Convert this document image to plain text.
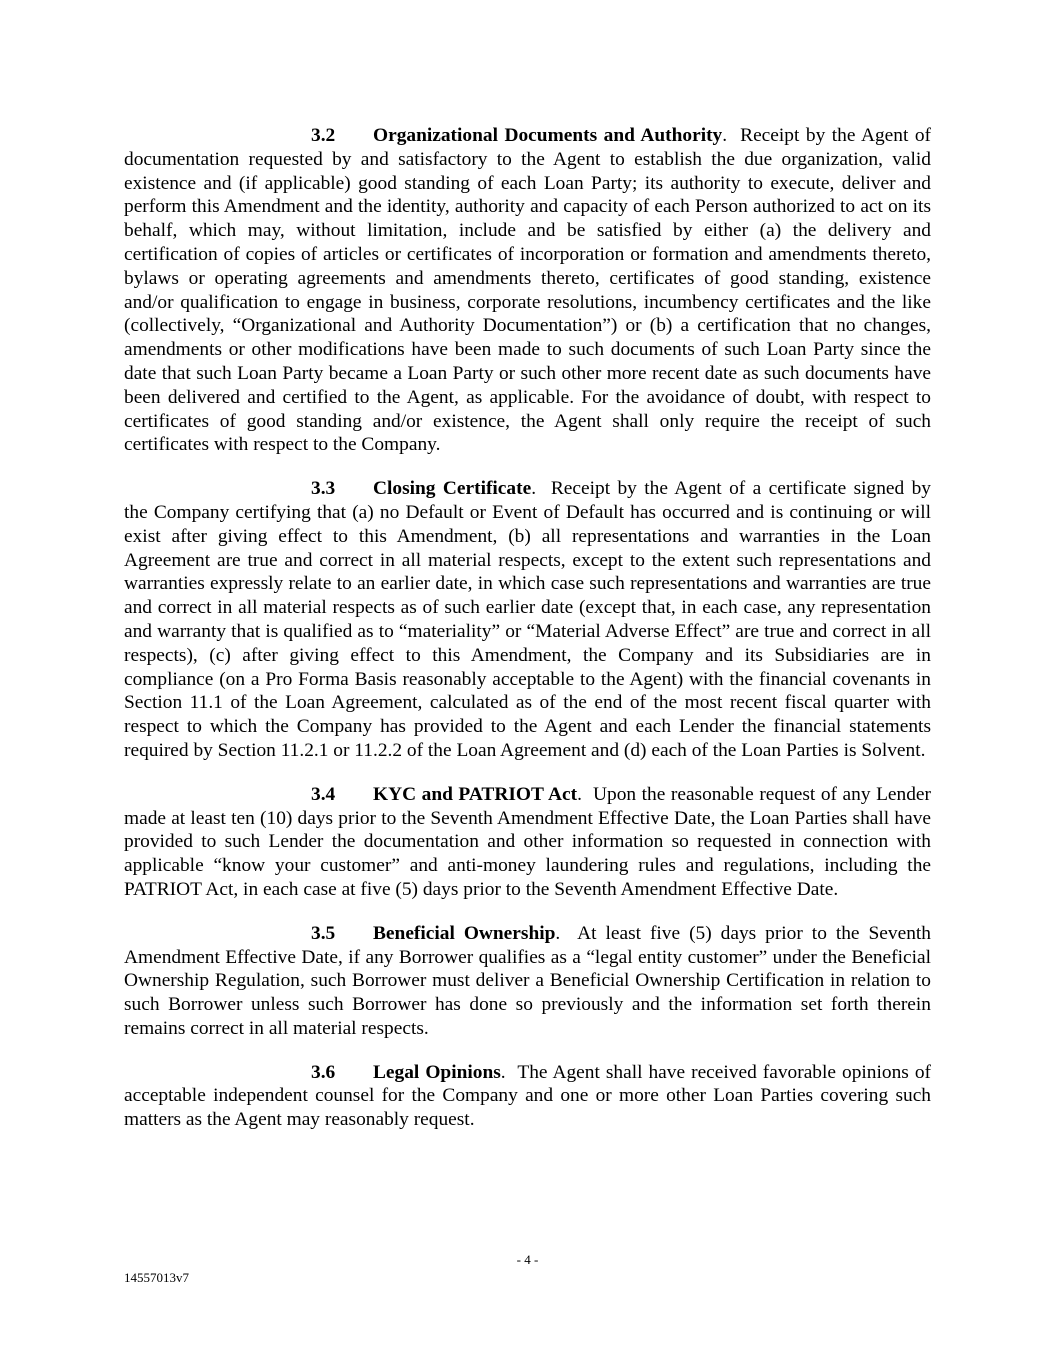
3.2 Organizational Documents and Authority.  Receipt by the Agent of documentation requested by and satisfactory to the Agent to establish the due organization, valid existence and (if applicable) good standing of each Loan Party; its authority to execute, deliver and perform this Amendment and the identity, authority and capacity of each Person authorized to act on its behalf, which may, without limitation, include and be satisfied by either (a) the delivery and certification of copies of articles or certificates of incorporation or formation and amendments thereto, bylaws or operating agreements and amendments thereto, certificates of good standing, existence and/or qualification to engage in business, corporate resolutions, incumbency certificates and the like (collectively, “Organizational and Authority Documentation”) or (b) a certification that no changes, amendments or other modifications have been made to such documents of such Loan Party since the date that such Loan Party became a Loan Party or such other more recent date as such documents have been delivered and certified to the Agent, as applicable. For the avoidance of doubt, with respect to certificates of good standing and/or existence, the Agent shall only require the receipt of such certificates with respect to the Company.

3.3 Closing Certificate.  Receipt by the Agent of a certificate signed by the Company certifying that (a) no Default or Event of Default has occurred and is continuing or will exist after giving effect to this Amendment, (b) all representations and warranties in the Loan Agreement are true and correct in all material respects, except to the extent such representations and warranties expressly relate to an earlier date, in which case such representations and warranties are true and correct in all material respects as of such earlier date (except that, in each case, any representation and warranty that is qualified as to “materiality” or “Material Adverse Effect” are true and correct in all respects), (c) after giving effect to this Amendment, the Company and its Subsidiaries are in compliance (on a Pro Forma Basis reasonably acceptable to the Agent) with the financial covenants in Section 11.1 of the Loan Agreement, calculated as of the end of the most recent fiscal quarter with respect to which the Company has provided to the Agent and each Lender the financial statements required by Section 11.2.1 or 11.2.2 of the Loan Agreement and (d) each of the Loan Parties is Solvent.

3.4 KYC and PATRIOT Act.  Upon the reasonable request of any Lender made at least ten (10) days prior to the Seventh Amendment Effective Date, the Loan Parties shall have provided to such Lender the documentation and other information so requested in connection with applicable “know your customer” and anti-money laundering rules and regulations, including the PATRIOT Act, in each case at five (5) days prior to the Seventh Amendment Effective Date.

3.5 Beneficial Ownership.  At least five (5) days prior to the Seventh Amendment Effective Date, if any Borrower qualifies as a “legal entity customer” under the Beneficial Ownership Regulation, such Borrower must deliver a Beneficial Ownership Certification in relation to such Borrower unless such Borrower has done so previously and the information set forth therein remains correct in all material respects.

3.6 Legal Opinions.  The Agent shall have received favorable opinions of acceptable independent counsel for the Company and one or more other Loan Parties covering such matters as the Agent may reasonably request.

- 4 -
14557013v7
